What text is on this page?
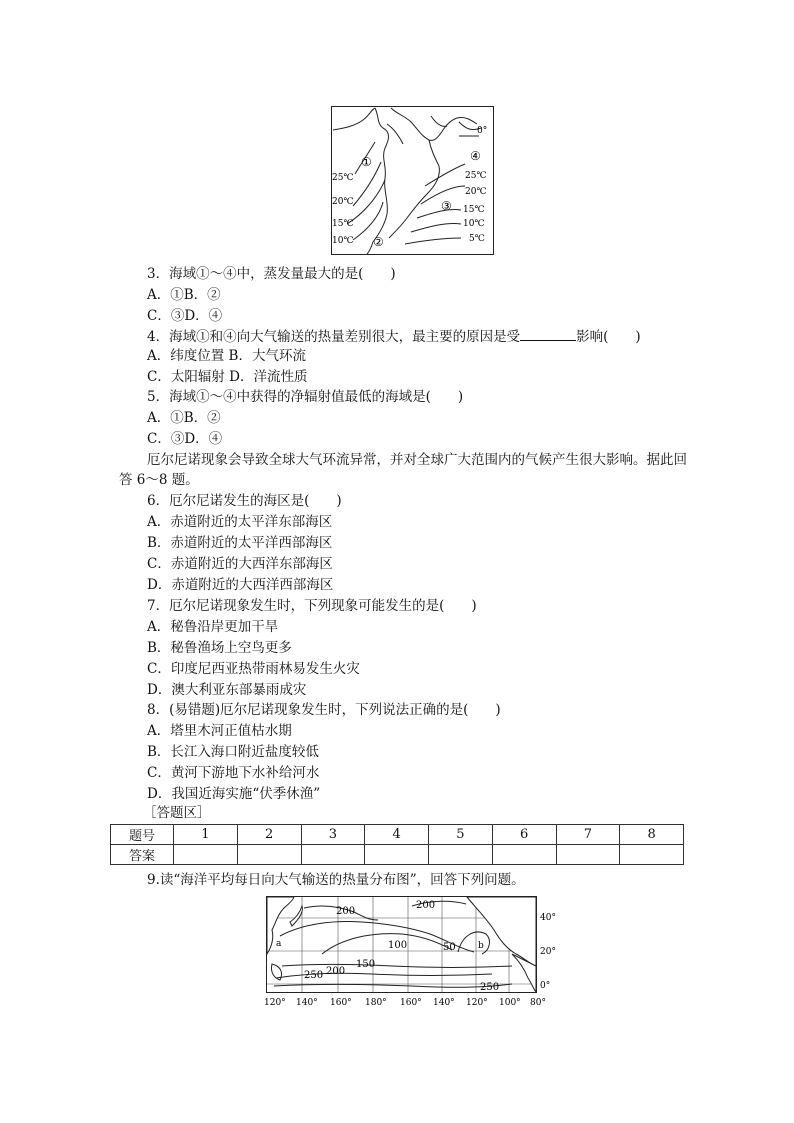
0°
①
②
③
④
25℃
20℃
15℃
10℃
25℃
20℃
15℃
10℃
5℃
3．海域①～④中，蒸发量最大的是(　　)
A．①B．②
C．③D．④
4．海域①和④向大气输送的热量差别很大，最主要的原因是受	影响(　　)
A．纬度位置 B．大气环流
C．太阳辐射 D．洋流性质
5．海域①～④中获得的净辐射值最低的海域是(　　)
A．①B．②
C．③D．④
厄尔尼诺现象会导致全球大气环流异常，并对全球广大范围内的气候产生很大影响。据此回答 6～8 题。
6．厄尔尼诺发生的海区是(　　)
A．赤道附近的太平洋东部海区
B．赤道附近的太平洋西部海区
C．赤道附近的大西洋东部海区
D．赤道附近的大西洋西部海区
7．厄尔尼诺现象发生时，下列现象可能发生的是(　　)
A．秘鲁沿岸更加干旱
B．秘鲁渔场上空鸟更多
C．印度尼西亚热带雨林易发生火灾
D．澳大利亚东部暴雨成灾
8．(易错题)厄尔尼诺现象发生时，下列说法正确的是(　　)
A．塔里木河正值枯水期
B．长江入海口附近盐度较低
C．黄河下游地下水补给河水
D．我国近海实施“伏季休渔”
［答题区］
题号	1	2	3	4	5	6	7	8
答案								
9.读“海洋平均每日向大气输送的热量分布图”，回答下列问题。
200
200
100	50
150
200
250
250
a	b
40°
20°
0°
120° 140° 160° 180° 160° 140° 120° 100° 80°
